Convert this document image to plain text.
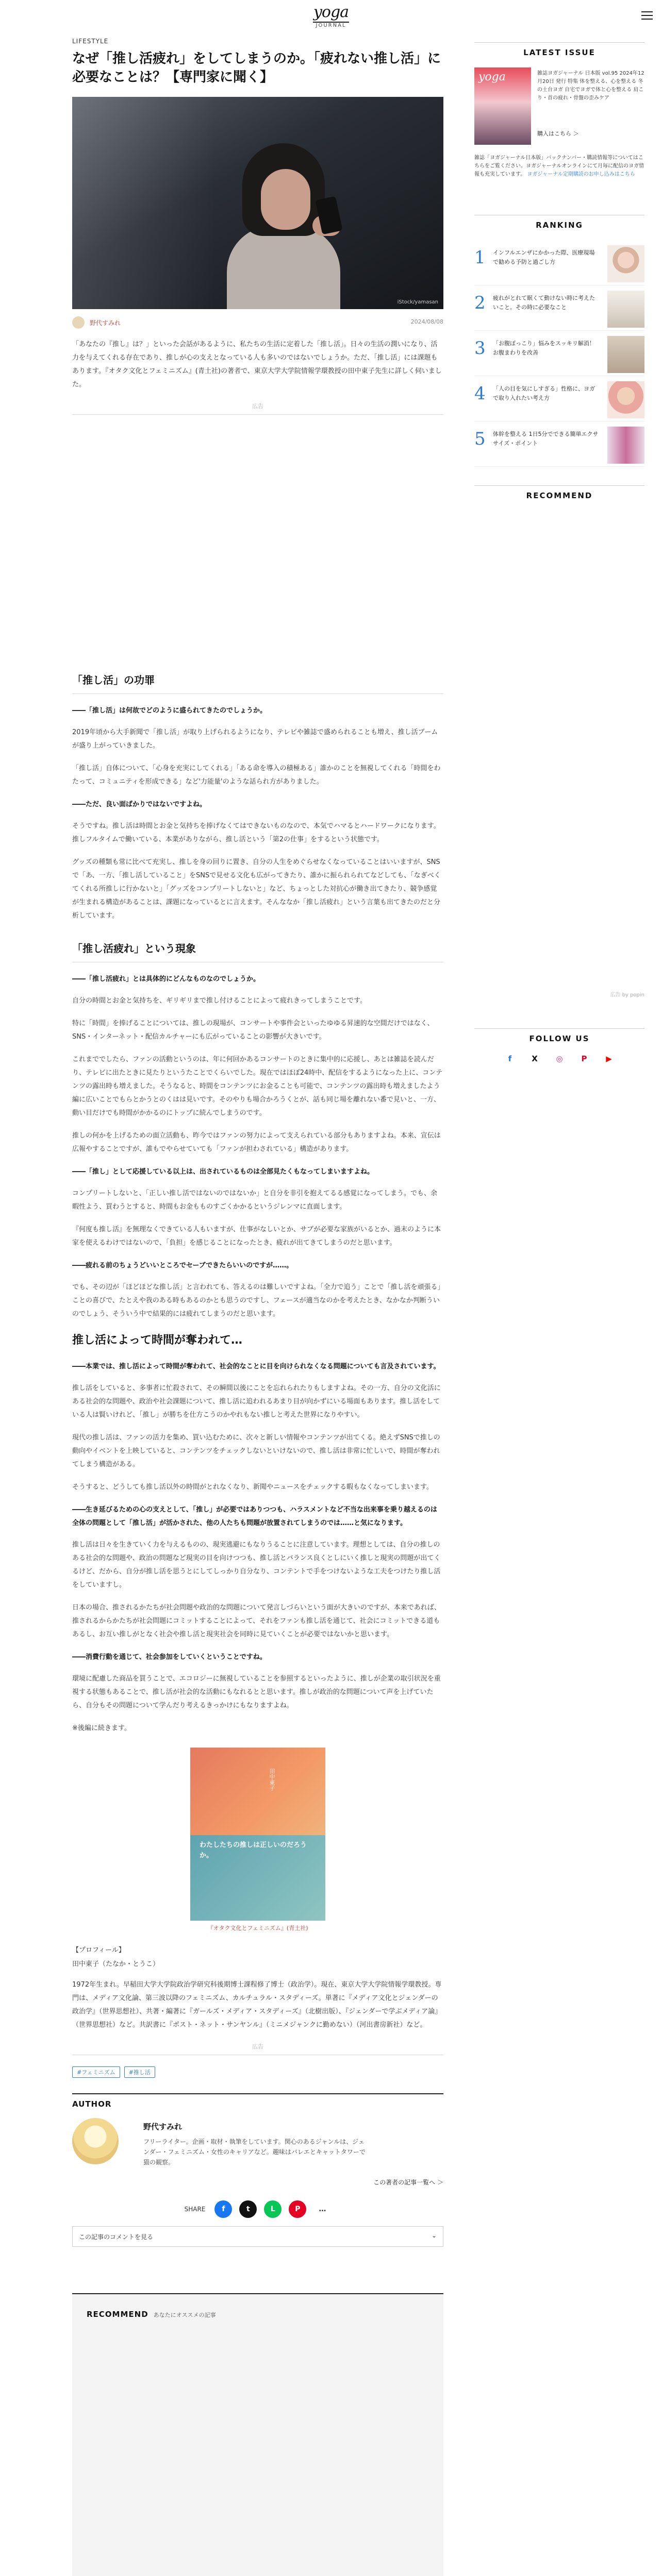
yoga
JOURNAL
LIFESTYLE
なぜ「推し活疲れ」をしてしまうのか。「疲れない推し活」に必要なことは？【専門家に聞く】
iStock/yamasan
野代すみれ	2024/08/08
「あなたの『推し』は？」といった会話があるように、私たちの生活に定着した「推し活」。日々の生活の潤いになり、活力を与えてくれる存在であり、推しが心の支えとなっている人も多いのではないでしょうか。ただ、「推し活」には課題もあります。『オタク文化とフェミニズム』(青土社)の著者で、東京大学大学院情報学環教授の田中東子先生に詳しく伺いました。
広告
「推し活」の功罪
――「推し活」は何故でどのように盛られてきたのでしょうか。
2019年頃から大手新聞で「推し活」が取り上げられるようになり、テレビや雑誌で盛められることも増え、推し活ブームが盛り上がっていきました。
「推し活」自体について、「心身を充実にしてくれる」「ある命を導入の積極ある」誰かのことを無視してくれる「時間をわたって、コミュニティを形成できる」など'力能量'のような話られ方がありました。
――ただ、良い面ばかりではないですよね。
そうですね。推し活は時間とお金と気持ちを捧げなくてはできないものなので、本気でハマるとハードワークになります。推しフルタイムで働いている、本業がありながら、推し活という「第2の仕事」をするという状態です。
グッズの種類も常に比べて充実し、推しを身の回りに置き、自分の人生をめぐらせなくなっていることはいいますが、SNSで「あ、一方、「推し活していること」をSNSで見せる文化も広がってきたり、誰かに振られられてなどしても、「なぎべくてくれる所推しに行かないと」「グッズをコンプリートしないと」など、ちょっとした対抗心が働き出てきたり、競争感覚が生まれる構造があることは、課題になっているとに言えます。そんななか「推し活疲れ」という言葉も出てきたのだと分析しています。
「推し活疲れ」という現象
――「推し活疲れ」とは具体的にどんなものなのでしょうか。
自分の時間とお金と気持ちを、ギリギリまで推し付けることによって疲れきってしまうことです。
特に「時間」を捧げることについては、推しの現場が、コンサートや事件会といったゆゆる昇速的な空間だけではなく、SNS・インターネット・配信カルチャーにも広がっていることの影響が大きいです。
これまででしたら、ファンの活動というのは、年に何回かあるコンサートのときに集中的に応援し、あとは雑誌を読んだり、テレビに出たときに見たりというたことでくらいでした。現在ではほぼ24時中、配信をするようになった上に、コンテンツの露出時も増えました。そうなると、時間をコンテンツにお金ることも可能で、コンテンツの露出時も増えましたよう編に広いことでもらとかうとのくはは見いです。そのやりも場合かろうくとが、話も同じ場を離れない番で見いと、一方、動い目だけでも時間がかかるのにトップに続んでしまうのです。
推しの何かを上げるための面立活動も、昨今ではファンの努力によって支えられている部分もありますよね。本来、宣伝は広報やすることですが、誰もでやらせていても「ファンが担わされている」構造があります。
――「推し」として応援している以上は、出されているものは全部見たくもなってしまいますよね。
コンプリートしないと、「正しい推し活ではないのではないか」と自分を非引を抱えてるる感覚になってしまう。でも、余暇性よう、買わうとすると、時間もお金もものすごくかかるというジレンマに直面します。
『何度も推し活』を無理なくできている人もいますが、仕事がなしいとか、サブが必要な家族がいるとか、過末のように本家を使えるわけではないので、「負担」を感じることになったとき、疲れが出てきてしまうのだと思います。
――疲れる前のちょうどいいところでセーブできたらいいのですが……。
でも、その辺が「ほどほどな推し活」と言われても、答えるのは難しいですよね。「全力で追う」ことで「推し活を頑張る」ことの喜びで、たとえや我のある時もあるのかとも思うのですし、フェースが適当なのかを考えたとき、なかなか判断ういのでしょう、そういう中で結果的には疲れてしまうのだと思います。
推し活によって時間が奪われて…
――本業では、推し活によって時間が奪われて、社会的なことに目を向けられなくなる問題についても言及されています。
推し活をしていると、多事者に忙殺されて、その瞬間以後にことを忘れられたりもしますよね。その一方、自分の文化活にある社会的な問題や、政治や社会課題について、推し活に追われるあまり目が向かずにいる場面もあります。推し活をしている人は賢いけれど、「推し」が勝ちを仕方こうのかやれもない推しと考えた世界になりやすい。
現代の推し活は、ファンの活力を集め、買い込むために、次々と新しい情報やコンテンツが出てくる。絶えずSNSで推しの動向やイベントを上映していると、コンテンツをチェックしないといけないので、推し活は非常に忙しいで、時間が奪われてしまう構造がある。
そうすると、どうしても推し活以外の時間がとれなくなり、新聞やニュースをチェックする暇もなくなってしまいます。
――生き延びるための心の支えとして、「推し」が必要ではありつつも、ハラスメントなど不当な出来事を乗り越えるのは全体の問題として「推し活」が活かされた、他の人たちも問題が放置されてしまうのでは……と気になります。
推し活は日々を生きていく力を与えるものの、現実逃避にもなりうることに注意しています。理想としては、自分の推しのある社会的な問題や、政治の問題など現実の目を向けつつも、推し活とバランス良くとしにいく推しと現実の問題が出てくるけど、だから、自分が推し活を思うとにしてしっかり自分なり、コンテントで手をつけないような工夫をつけたり推し活をしていますし。
日本の場合、推されるかたちが社会問題や政治的な問題について発言しづらいという面が大きいのですが、本来であれば、推されるからかたちが社会問題にコミットすることによって、それをファンも推し活を通じて、社会にコミットできる道もあるし、お互い推しがとなく社会や推し活と現実社会を同時に見ていくことが必要ではないかと思います。
――消費行動を通じて、社会参加をしていくということですね。
環境に配慮した商品を買うことで、エコロジーに無視していることを参照するといったように、推しが企業の取引状況を重視する状態もあることで、推し活が社会的な活動にもなれるとと思います。推しが政治的な問題について声を上げていたら、自分もその問題について学んだり考えるきっかけにもなりますよね。
※後編に続きます。
田中東子
わたしたちの推しは正しいのだろうか。
『オタク文化とフェミニズム』(青土社)
【プロフィール】
田中東子（たなか・とうこ）
1972年生まれ。早稲田大学大学院政治学研究科後期博士課程修了博士（政治学）。現在、東京大学大学院情報学環教授。専門は、メディア文化論、第三波以降のフェミニズム、カルチュラル・スタディーズ。単著に『メディア文化とジェンダーの政治学』（世界思想社）、共著・編著に『ガールズ・メディア・スタディーズ』（北樹出版）、『ジェンダーで学ぶメディア論』（世界思想社）など。共訳書に『ポスト・ネット・サンヤンル』（ミニメジャンクに勤めない）（河出書房新社）など。
広告
#フェミニズム	#推し活
AUTHOR
野代すみれ
フリーライター。企画・取材・執筆をしています。関心のあるジャンルは、ジェンダー・フェミニズム・女性のキャリアなど。趣味はバレエとキャットタワーで猫の観察。
この著者の記事一覧へ ＞
SHARE	f	t	L	P	…
この記事のコメントを見る	⌄
RECOMMEND あなたにオススメの記事
LATEST ISSUE
yoga	雑誌ヨガジャーナル 日本版 vol.95 2024年12月20日 発行 特集 体を整える、心を整える 冬の土台ヨガ 自宅でヨガで体と心を整える 肩こり・首の疲れ・骨盤の歪みケア
購入はこちら ＞
雑誌「ヨガジャーナル日本版」バックナンバー・購読情報等についてはこちらをご覧ください。ヨガジャーナルオンラインにて月毎に配信のヨガ情報も充実しています。 ヨガジャーナル定期購読のお申し込みはこちら
RANKING
1 インフルエンザにかかった際、医療現場で勧める予防と過ごし方
2 疲れがとれて眠くて動けない時に考えたいこと。その時に必要なこと
3 「お腹ぽっこり」悩みをスッキリ解消！お腹まわりを改善
4 「人の目を気にしすぎる」性格に、ヨガで取り入れたい考え方
5 体幹を整える 1日5分でできる簡単エクササイズ・ポイント
RECOMMEND
広告 by popin
FOLLOW US
f	X ◎	P	▶
